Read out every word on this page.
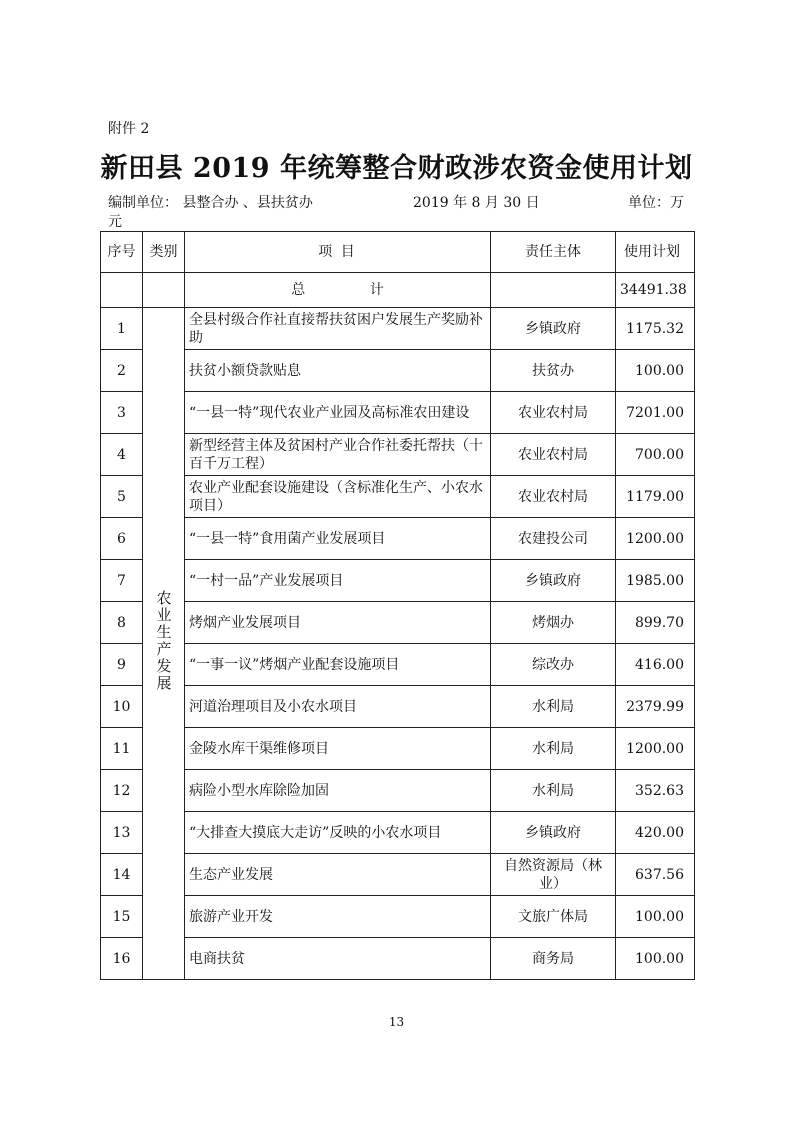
附件 2
新田县 2019 年统筹整合财政涉农资金使用计划
编制单位： 县整合办 、县扶贫办	2019 年 8 月 30 日	单位：万
元
序号	类别	项 目	责任主体	使用计划
		总 计		34491.38
1	农业生产发展	全县村级合作社直接帮扶贫困户发展生产奖励补助	乡镇政府	1175.32
2		扶贫小额贷款贴息	扶贫办	100.00
3		“一县一特”现代农业产业园及高标准农田建设	农业农村局	7201.00
4		新型经营主体及贫困村产业合作社委托帮扶（十百千万工程）	农业农村局	700.00
5		农业产业配套设施建设（含标准化生产、小农水项目）	农业农村局	1179.00
6		“一县一特”食用菌产业发展项目	农建投公司	1200.00
7		“一村一品”产业发展项目	乡镇政府	1985.00
8		烤烟产业发展项目	烤烟办	899.70
9		“一事一议”烤烟产业配套设施项目	综改办	416.00
10		河道治理项目及小农水项目	水利局	2379.99
11		金陵水库干渠维修项目	水利局	1200.00
12		病险小型水库除险加固	水利局	352.63
13		“大排查大摸底大走访”反映的小农水项目	乡镇政府	420.00
14		生态产业发展	自然资源局（林业）	637.56
15		旅游产业开发	文旅广体局	100.00
16		电商扶贫	商务局	100.00
13
